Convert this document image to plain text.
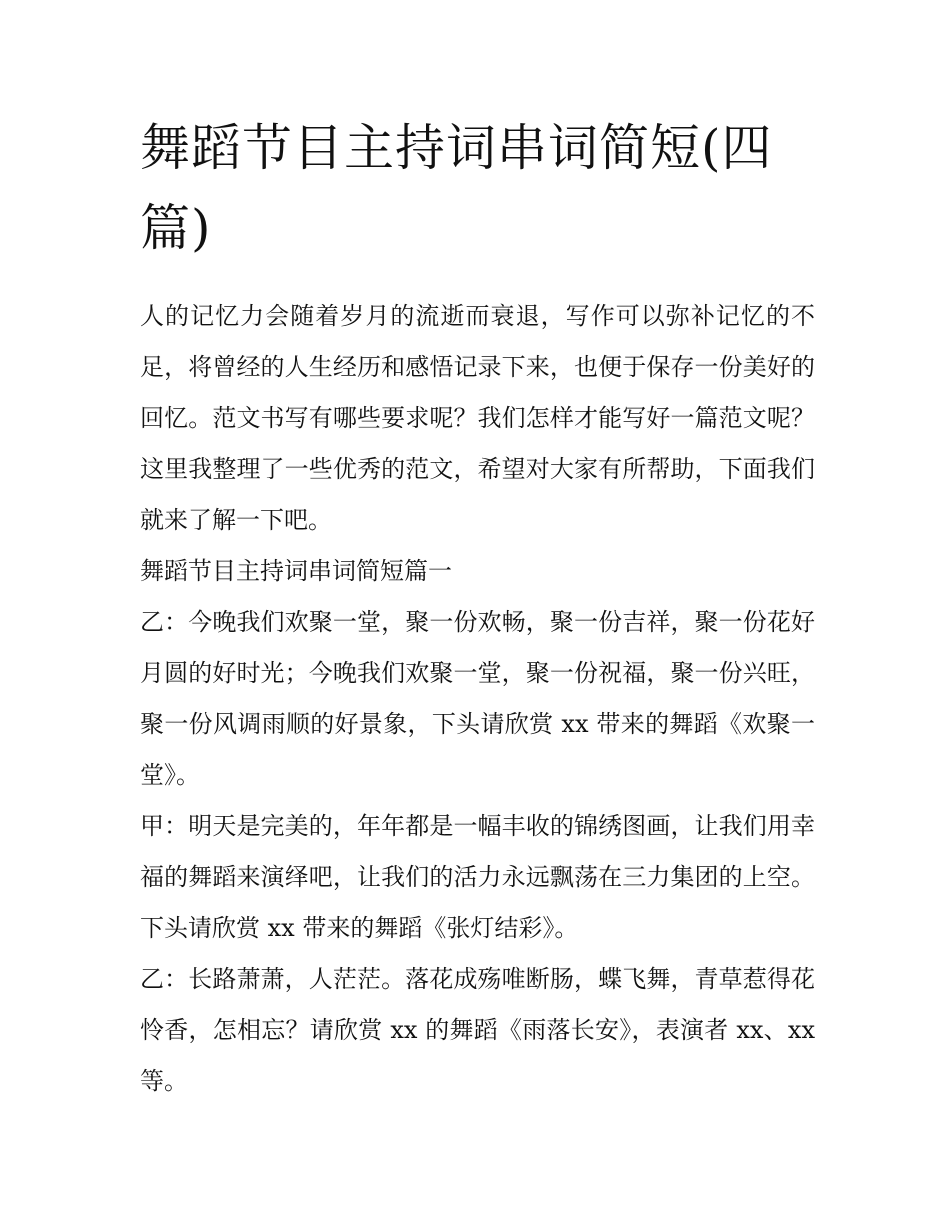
舞蹈节目主持词串词简短(四篇)

人的记忆力会随着岁月的流逝而衰退，写作可以弥补记忆的不足，将曾经的人生经历和感悟记录下来，也便于保存一份美好的回忆。范文书写有哪些要求呢？我们怎样才能写好一篇范文呢？这里我整理了一些优秀的范文，希望对大家有所帮助，下面我们就来了解一下吧。

舞蹈节目主持词串词简短篇一

乙：今晚我们欢聚一堂，聚一份欢畅，聚一份吉祥，聚一份花好月圆的好时光；今晚我们欢聚一堂，聚一份祝福，聚一份兴旺，聚一份风调雨顺的好景象，下头请欣赏 xx 带来的舞蹈《欢聚一堂》。

甲：明天是完美的，年年都是一幅丰收的锦绣图画，让我们用幸福的舞蹈来演绎吧，让我们的活力永远飘荡在三力集团的上空。下头请欣赏 xx 带来的舞蹈《张灯结彩》。

乙：长路萧萧，人茫茫。落花成殇唯断肠，蝶飞舞，青草惹得花怜香，怎相忘？请欣赏 xx 的舞蹈《雨落长安》，表演者 xx、xx 等。
